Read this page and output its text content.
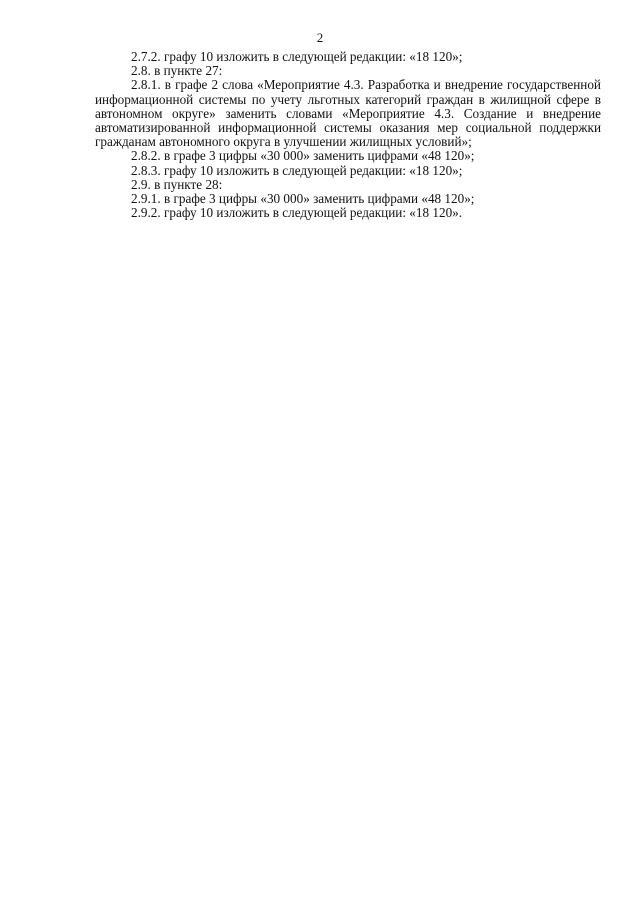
2

2.7.2. графу 10 изложить в следующей редакции: «18 120»;

2.8. в пункте 27:

2.8.1. в графе 2 слова «Мероприятие 4.3. Разработка и внедрение государственной информационной системы по учету льготных категорий граждан в жилищной сфере в автономном округе» заменить словами «Мероприятие 4.3. Создание и внедрение автоматизированной информационной системы оказания мер социальной поддержки гражданам автономного округа в улучшении жилищных условий»;

2.8.2. в графе 3 цифры «30 000» заменить цифрами «48 120»;

2.8.3. графу 10 изложить в следующей редакции: «18 120»;

2.9. в пункте 28:

2.9.1. в графе 3 цифры «30 000» заменить цифрами «48 120»;

2.9.2. графу 10 изложить в следующей редакции: «18 120».
